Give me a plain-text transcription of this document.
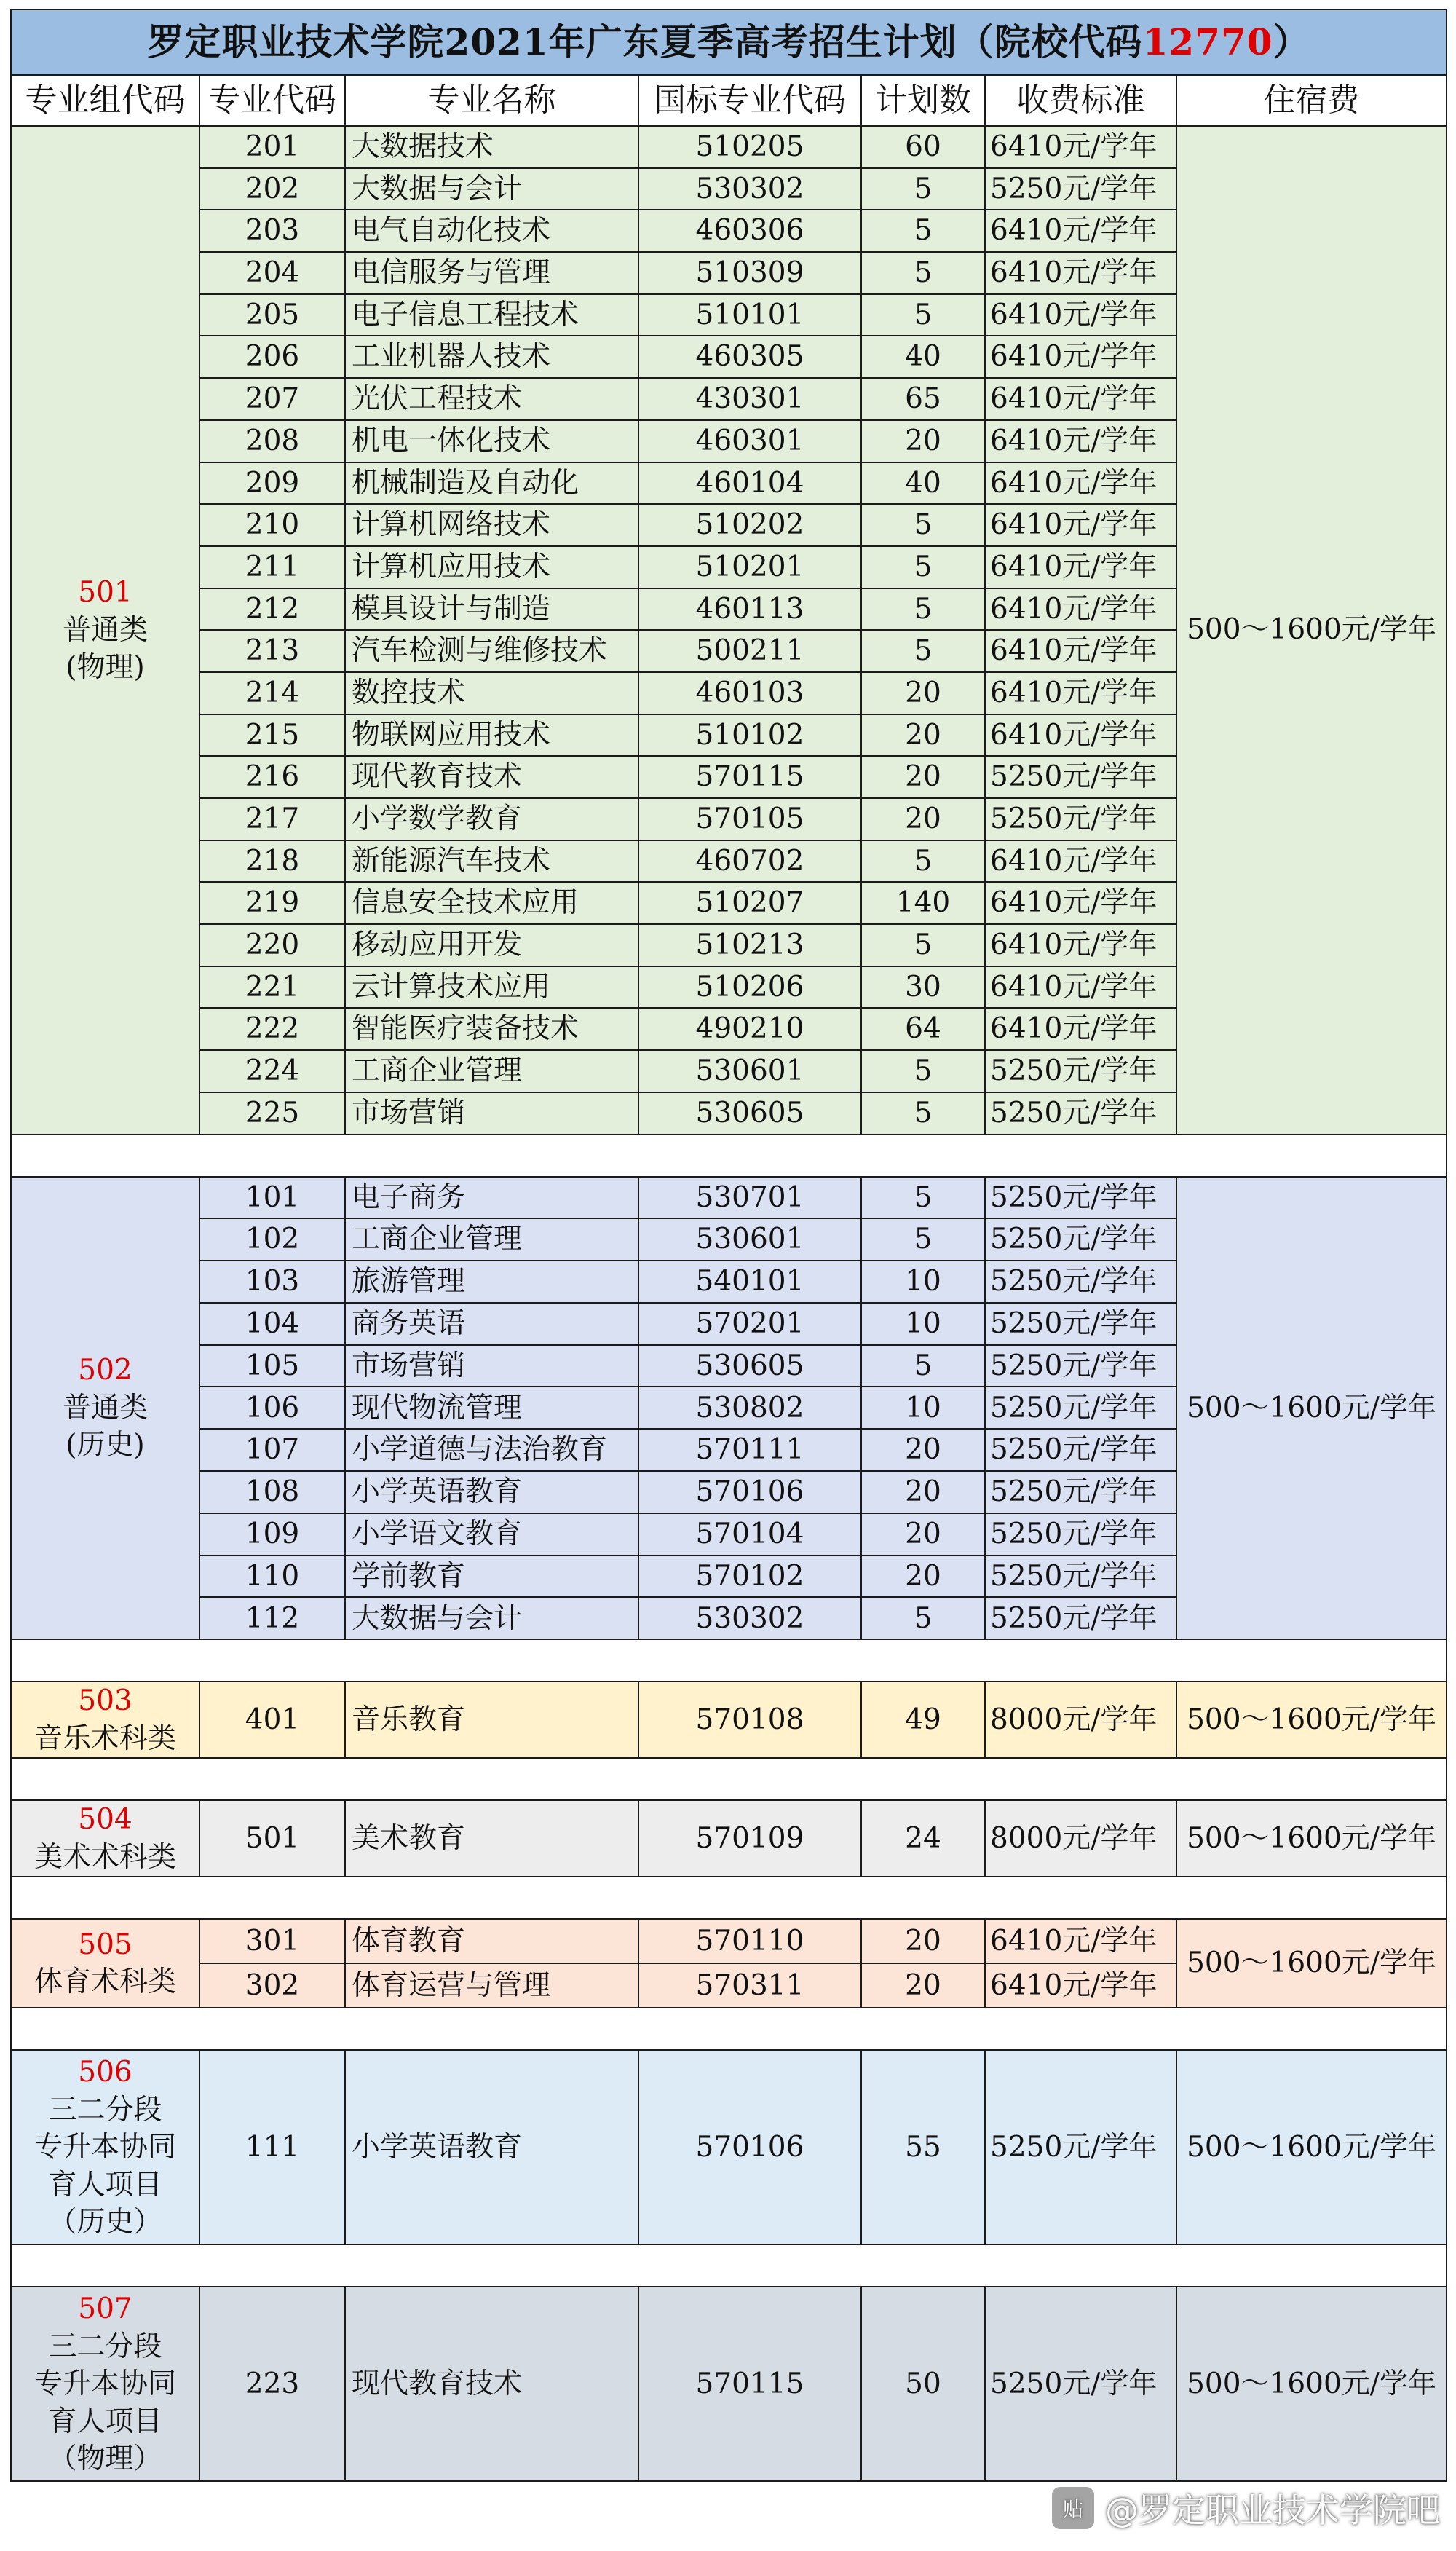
罗定职业技术学院2021年广东夏季高考招生计划（院校代码12770）						
专业组代码	专业代码	专业名称	国标专业代码	计划数	收费标准	住宿费

501
普通类
(物理)	201	大数据技术	510205	60	6410元/学年	500～1600元/学年
	202	大数据与会计	530302	5	5250元/学年	
	203	电气自动化技术	460306	5	6410元/学年	
	204	电信服务与管理	510309	5	6410元/学年	
	205	电子信息工程技术	510101	5	6410元/学年	
	206	工业机器人技术	460305	40	6410元/学年	
	207	光伏工程技术	430301	65	6410元/学年	
	208	机电一体化技术	460301	20	6410元/学年	
	209	机械制造及自动化	460104	40	6410元/学年	
	210	计算机网络技术	510202	5	6410元/学年	
	211	计算机应用技术	510201	5	6410元/学年	
	212	模具设计与制造	460113	5	6410元/学年	
	213	汽车检测与维修技术	500211	5	6410元/学年	
	214	数控技术	460103	20	6410元/学年	
	215	物联网应用技术	510102	20	6410元/学年	
	216	现代教育技术	570115	20	5250元/学年	
	217	小学数学教育	570105	20	5250元/学年	
	218	新能源汽车技术	460702	5	6410元/学年	
	219	信息安全技术应用	510207	140	6410元/学年	
	220	移动应用开发	510213	5	6410元/学年	
	221	云计算技术应用	510206	30	6410元/学年	
	222	智能医疗装备技术	490210	64	6410元/学年	
	224	工商企业管理	530601	5	5250元/学年	
	225	市场营销	530605	5	5250元/学年	

502
普通类
(历史)	101	电子商务	530701	5	5250元/学年	500～1600元/学年
	102	工商企业管理	530601	5	5250元/学年	
	103	旅游管理	540101	10	5250元/学年	
	104	商务英语	570201	10	5250元/学年	
	105	市场营销	530605	5	5250元/学年	
	106	现代物流管理	530802	10	5250元/学年	
	107	小学道德与法治教育	570111	20	5250元/学年	
	108	小学英语教育	570106	20	5250元/学年	
	109	小学语文教育	570104	20	5250元/学年	
	110	学前教育	570102	20	5250元/学年	
	112	大数据与会计	530302	5	5250元/学年	

503
音乐术科类	401	音乐教育	570108	49	8000元/学年	500～1600元/学年

504
美术术科类	501	美术教育	570109	24	8000元/学年	500～1600元/学年

505
体育术科类	301	体育教育	570110	20	6410元/学年	500～1600元/学年
	302	体育运营与管理	570311	20	6410元/学年	

506
三二分段
专升本协同
育人项目
（历史）	111	小学英语教育	570106	55	5250元/学年	500～1600元/学年

507
三二分段
专升本协同
育人项目
（物理）	223	现代教育技术	570115	50	5250元/学年	500～1600元/学年
贴 @罗定职业技术学院吧
